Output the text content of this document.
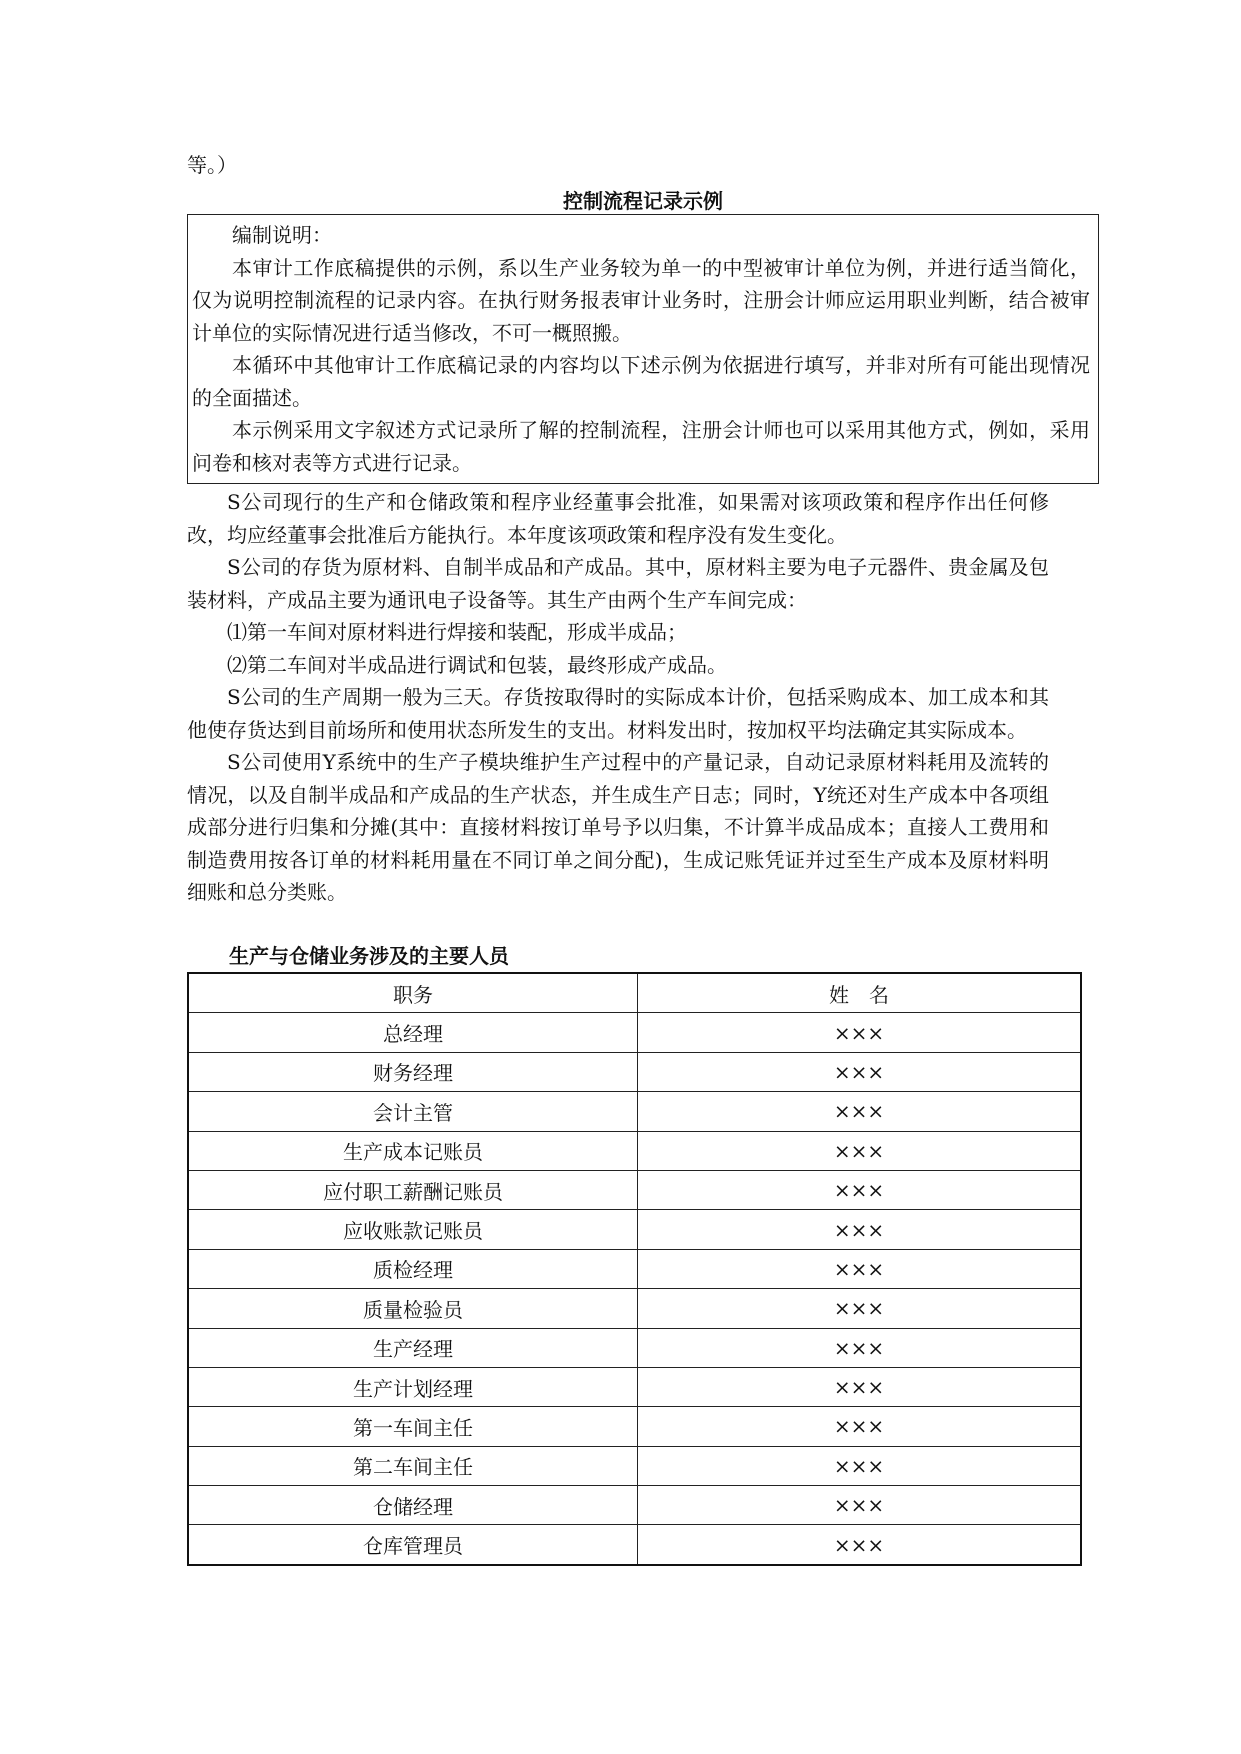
等。）
控制流程记录示例

编制说明：

本审计工作底稿提供的示例，系以生产业务较为单一的中型被审计单位为例，并进行适当简化，仅为说明控制流程的记录内容。在执行财务报表审计业务时，注册会计师应运用职业判断，结合被审计单位的实际情况进行适当修改，不可一概照搬。

本循环中其他审计工作底稿记录的内容均以下述示例为依据进行填写，并非对所有可能出现情况的全面描述。

本示例采用文字叙述方式记录所了解的控制流程，注册会计师也可以采用其他方式，例如，采用问卷和核对表等方式进行记录。

S公司现行的生产和仓储政策和程序业经董事会批准，如果需对该项政策和程序作出任何修改，均应经董事会批准后方能执行。本年度该项政策和程序没有发生变化。

S公司的存货为原材料、自制半成品和产成品。其中，原材料主要为电子元器件、贵金属及包装材料，产成品主要为通讯电子设备等。其生产由两个生产车间完成：

⑴第一车间对原材料进行焊接和装配，形成半成品；

⑵第二车间对半成品进行调试和包装，最终形成产成品。

S公司的生产周期一般为三天。存货按取得时的实际成本计价，包括采购成本、加工成本和其他使存货达到目前场所和使用状态所发生的支出。材料发出时，按加权平均法确定其实际成本。

S公司使用Y系统中的生产子模块维护生产过程中的产量记录，自动记录原材料耗用及流转的情况，以及自制半成品和产成品的生产状态，并生成生产日志；同时，Y统还对生产成本中各项组成部分进行归集和分摊(其中：直接材料按订单号予以归集，不计算半成品成本；直接人工费用和制造费用按各订单的材料耗用量在不同订单之间分配)，生成记账凭证并过至生产成本及原材料明细账和总分类账。

生产与仓储业务涉及的主要人员
职务	姓　名
总经理	×××
财务经理	×××
会计主管	×××
生产成本记账员	×××
应付职工薪酬记账员	×××
应收账款记账员	×××
质检经理	×××
质量检验员	×××
生产经理	×××
生产计划经理	×××
第一车间主任	×××
第二车间主任	×××
仓储经理	×××
仓库管理员	×××
